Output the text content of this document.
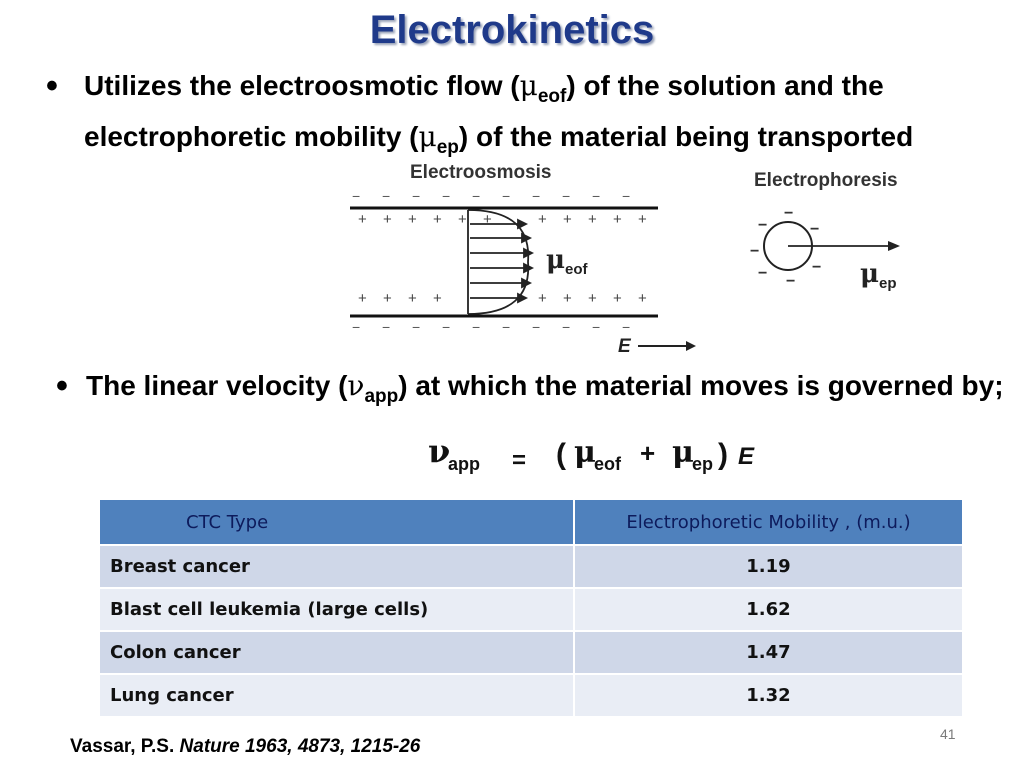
Electrokinetics
• Utilizes the electroosmotic flow $(\mu_{eof})$ of the solution and the electrophoretic mobility $(\mu_{ep})$ of the material being transported
Electroosmosis
− − − − − − − − − −
+ + + + + +	+ + + + +
$\mu_{eof}$
+ + + +	+ + + + +
− − − − − − − − − −
E
Electrophoresis
−
−	−
−
− −
− $\mu_{ep}$
• The linear velocity $(\nu_{app})$ at which the material moves is governed by;
ν
app = ( μ
eof + μ
ep ) E
CTC Type	Electrophoretic Mobility , (m.u.)
Breast cancer	1.19
Blast cell leukemia (large cells)	1.62
Colon cancer	1.47
Lung cancer	1.32
41
Vassar, P.S. Nature 1963, 4873, 1215-26
